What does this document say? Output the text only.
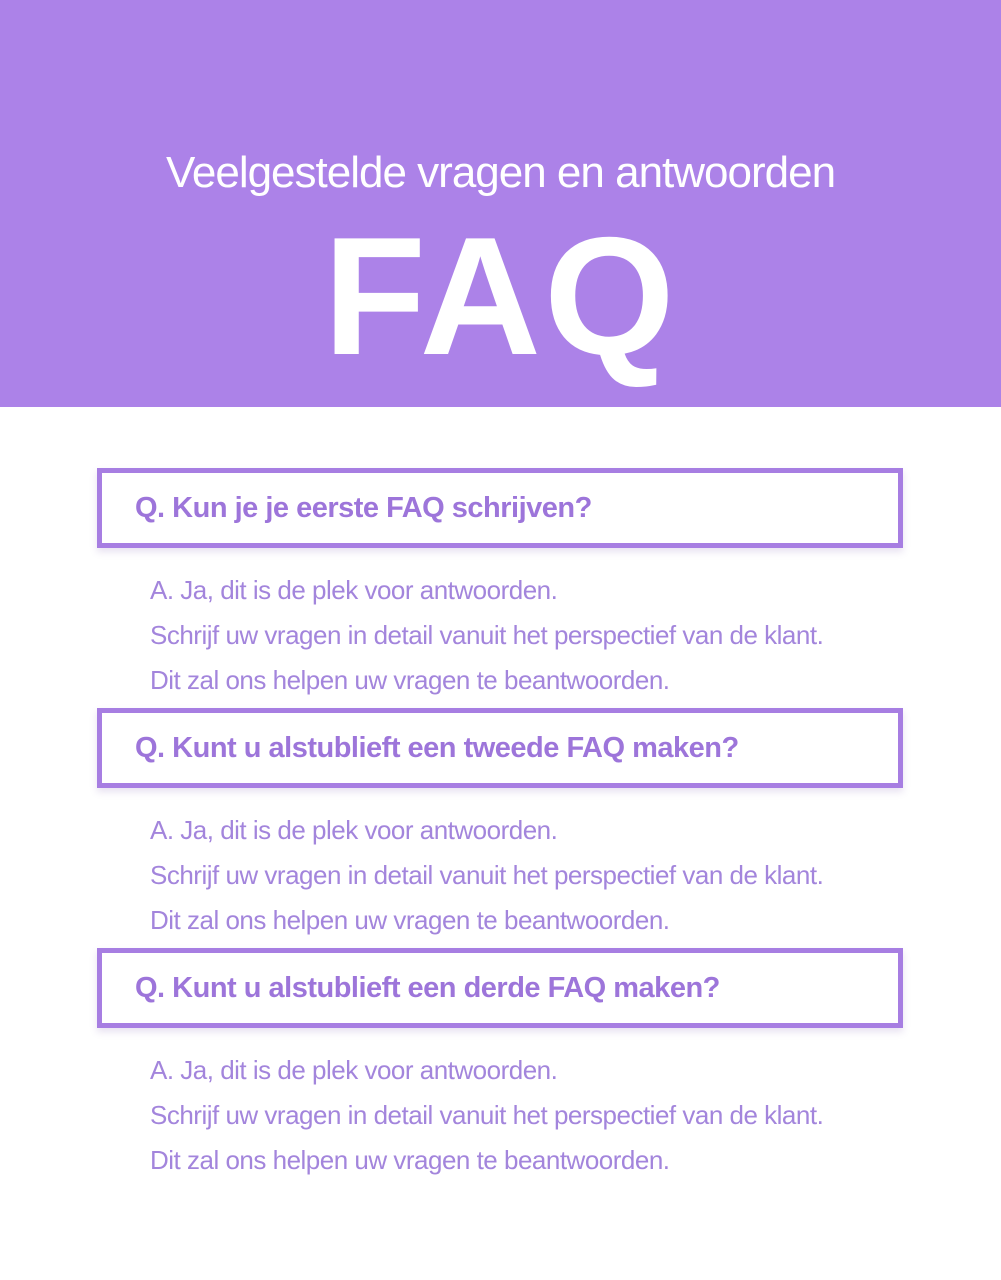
Veelgestelde vragen en antwoorden
FAQ
Q. Kun je je eerste FAQ schrijven?
A. Ja, dit is de plek voor antwoorden.
Schrijf uw vragen in detail vanuit het perspectief van de klant.
Dit zal ons helpen uw vragen te beantwoorden.
Q. Kunt u alstublieft een tweede FAQ maken?
A. Ja, dit is de plek voor antwoorden.
Schrijf uw vragen in detail vanuit het perspectief van de klant.
Dit zal ons helpen uw vragen te beantwoorden.
Q. Kunt u alstublieft een derde FAQ maken?
A. Ja, dit is de plek voor antwoorden.
Schrijf uw vragen in detail vanuit het perspectief van de klant.
Dit zal ons helpen uw vragen te beantwoorden.
